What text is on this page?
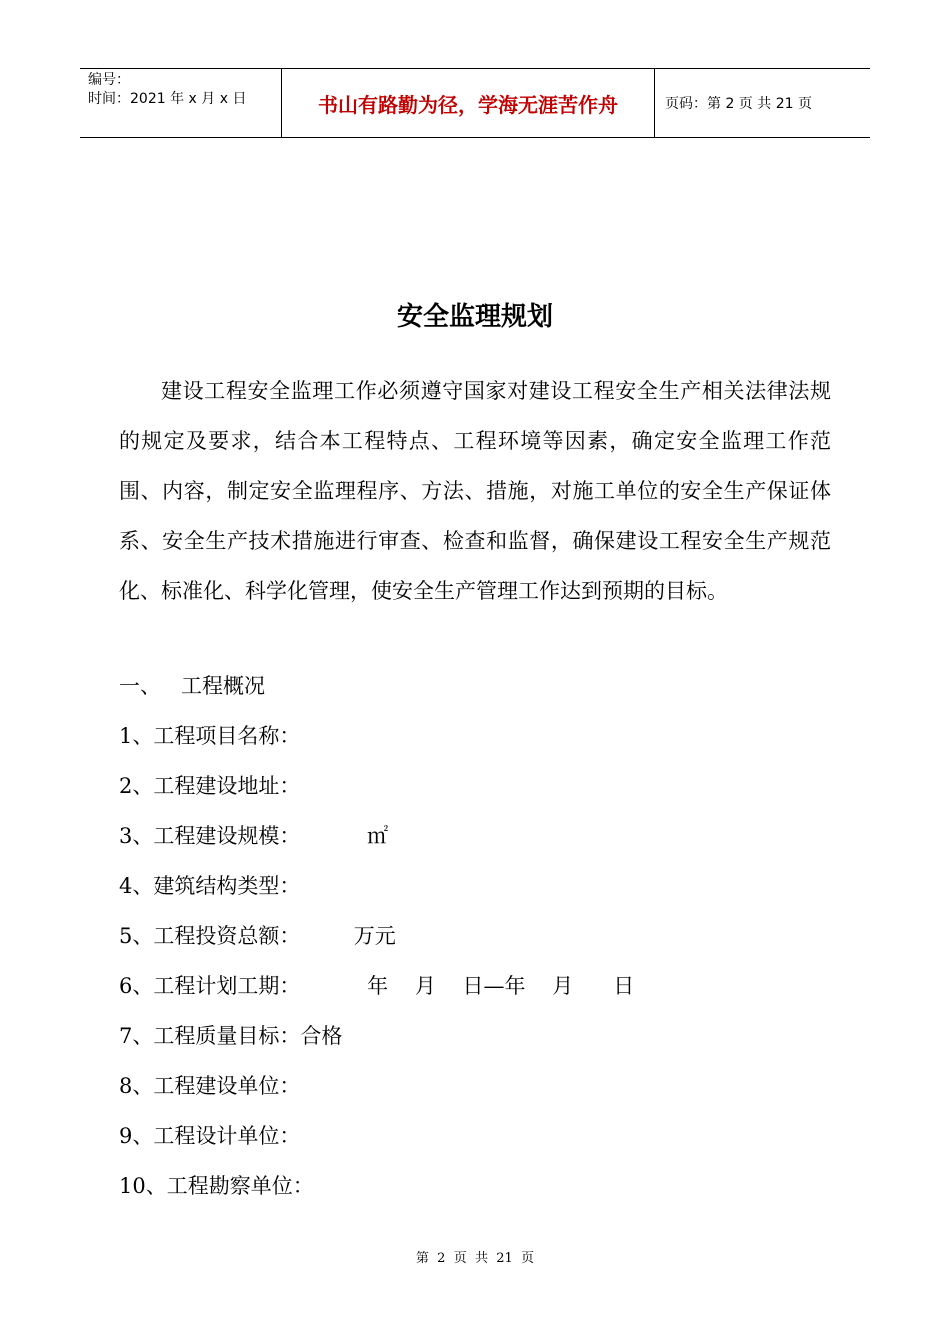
编号：
时间：2021 年 x 月 x 日	书山有路勤为径，学海无涯苦作舟	页码：第 2 页 共 21 页
安全监理规划

建设工程安全监理工作必须遵守国家对建设工程安全生产相关法律法规的规定及要求，结合本工程特点、工程环境等因素，确定安全监理工作范围、内容，制定安全监理程序、方法、措施，对施工单位的安全生产保证体系、安全生产技术措施进行审查、检查和监督，确保建设工程安全生产规范化、标准化、科学化管理，使安全生产管理工作达到预期的目标。

一、   工程概况
1、工程项目名称：
2、工程建设地址：
3、工程建设规模：          ㎡
4、建筑结构类型：
5、工程投资总额：        万元
6、工程计划工期：          年    月    日—年    月      日
7、工程质量目标：合格
8、工程建设单位：
9、工程设计单位：
10、工程勘察单位：
第  2  页  共  21  页
